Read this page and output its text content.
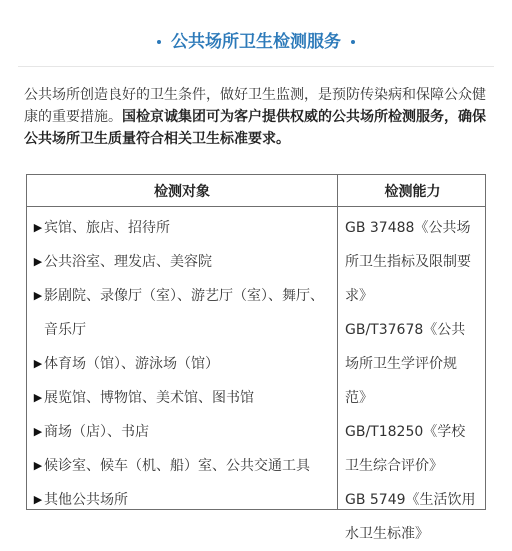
公共场所卫生检测服务
公共场所创造良好的卫生条件，做好卫生监测，是预防传染病和保障公众健康的重要措施。国检京诚集团可为客户提供权威的公共场所检测服务，确保公共场所卫生质量符合相关卫生标准要求。
检测对象	检测能力
▶ 宾馆、旅店、招待所
▶ 公共浴室、理发店、美容院
▶ 影剧院、录像厅（室）、游艺厅（室）、舞厅、音乐厅
▶ 体育场（馆）、游泳场（馆）
▶ 展览馆、博物馆、美术馆、图书馆
▶ 商场（店）、书店
▶ 候诊室、候车（机、船）室、公共交通工具
▶ 其他公共场所
GB 37488《公共场所卫生指标及限制要求》
GB/T37678《公共场所卫生学评价规范》
GB/T18250《学校卫生综合评价》
GB 5749《生活饮用水卫生标准》
